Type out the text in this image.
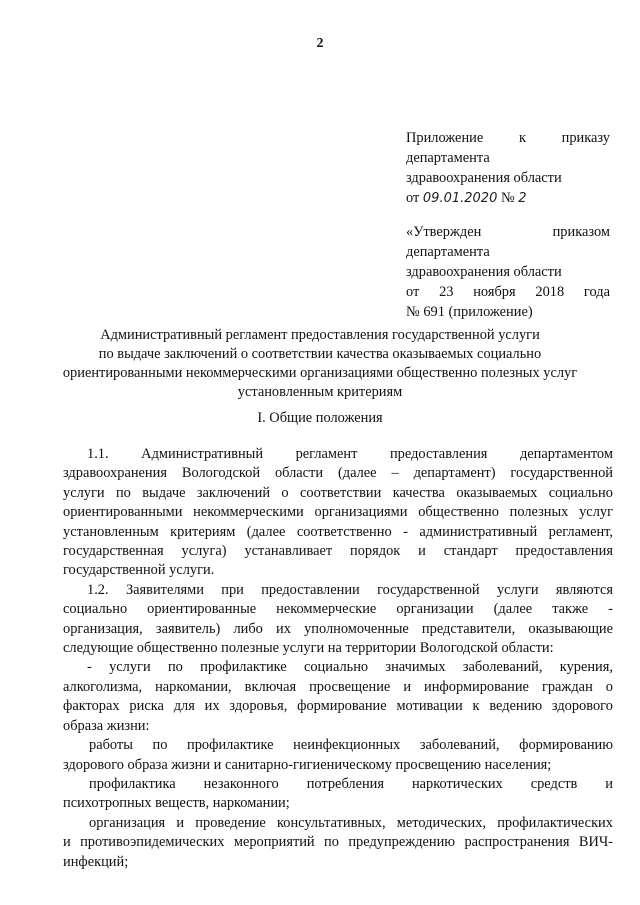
2
Приложение к приказу
департамента
здравоохранения области
от 09.01.2020 № 2
«Утвержден	приказом
департамента
здравоохранения области
от 23 ноября 2018 года
№ 691 (приложение)
Административный регламент предоставления государственной услуги
по выдаче заключений о соответствии качества оказываемых социально
ориентированными некоммерческими организациями общественно полезных услуг
установленным критериям
I. Общие положения
1.1. Административный регламент предоставления департаментом
здравоохранения Вологодской области (далее – департамент) государственной
услуги по выдаче заключений о соответствии качества оказываемых социально
ориентированными некоммерческими организациями общественно полезных услуг
установленным критериям (далее соответственно - административный регламент,
государственная услуга) устанавливает порядок и стандарт предоставления
государственной услуги.
1.2. Заявителями при предоставлении государственной услуги являются
социально ориентированные некоммерческие организации (далее также -
организация, заявитель) либо их уполномоченные представители, оказывающие
следующие общественно полезные услуги на территории Вологодской области:
- услуги по профилактике социально значимых заболеваний, курения,
алкоголизма, наркомании, включая просвещение и информирование граждан о
факторах риска для их здоровья, формирование мотивации к ведению здорового
образа жизни:
работы по профилактике неинфекционных заболеваний, формированию
здорового образа жизни и санитарно-гигиеническому просвещению населения;
профилактика незаконного потребления наркотических средств и
психотропных веществ, наркомании;
организация и проведение консультативных, методических, профилактических
и противоэпидемических мероприятий по предупреждению распространения ВИЧ-
инфекций;
